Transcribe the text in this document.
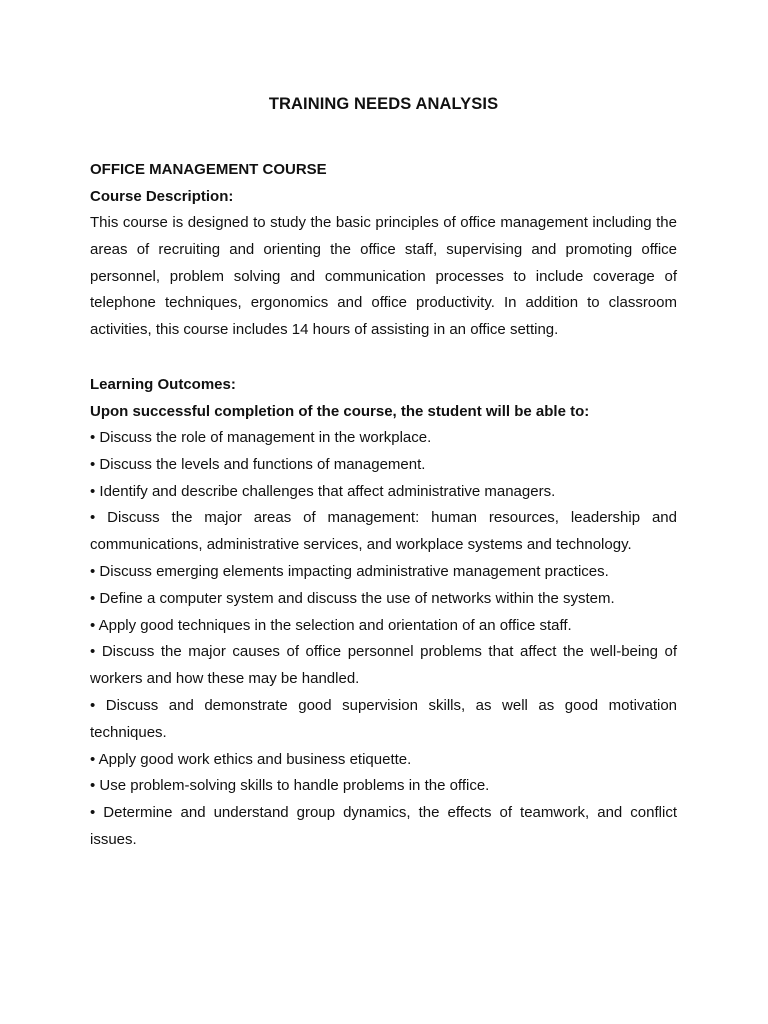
TRAINING NEEDS ANALYSIS
OFFICE MANAGEMENT COURSE
Course Description:

This course is designed to study the basic principles of office management including the areas of recruiting and orienting the office staff, supervising and promoting office personnel, problem solving and communication processes to include coverage of telephone techniques, ergonomics and office productivity. In addition to classroom activities, this course includes 14 hours of assisting in an office setting.

Learning Outcomes:

Upon successful completion of the course, the student will be able to:

• Discuss the role of management in the workplace.
• Discuss the levels and functions of management.
• Identify and describe challenges that affect administrative managers.
• Discuss the major areas of management: human resources, leadership and communications, administrative services, and workplace systems and technology.
• Discuss emerging elements impacting administrative management practices.
• Define a computer system and discuss the use of networks within the system.
• Apply good techniques in the selection and orientation of an office staff.
• Discuss the major causes of office personnel problems that affect the well-being of workers and how these may be handled.
• Discuss and demonstrate good supervision skills, as well as good motivation techniques.
• Apply good work ethics and business etiquette.
• Use problem-solving skills to handle problems in the office.
• Determine and understand group dynamics, the effects of teamwork, and conflict issues.
